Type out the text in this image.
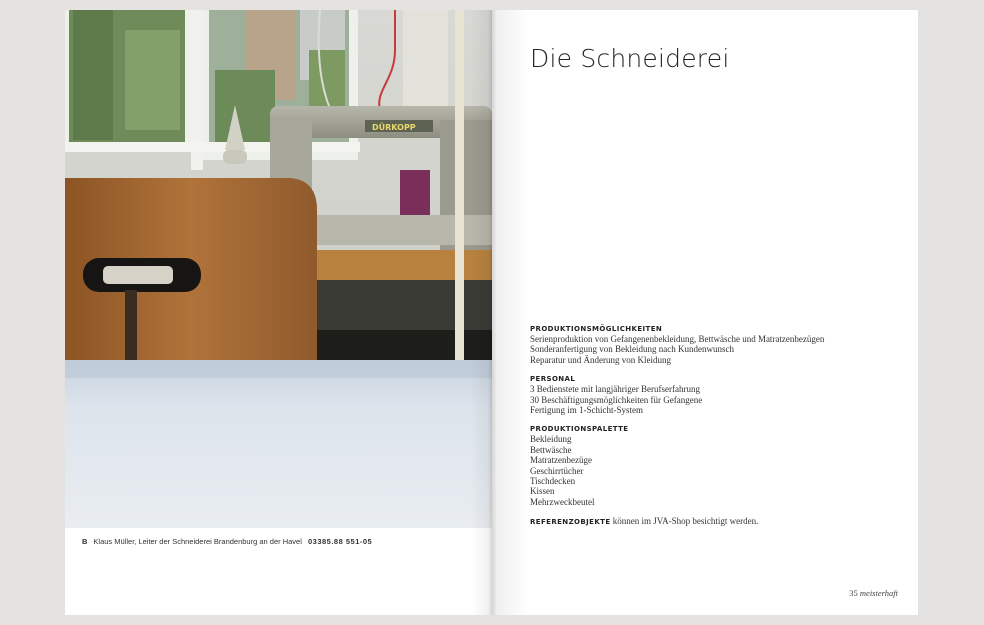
DÜRKOPP
B Klaus Müller, Leiter der Schneiderei Brandenburg an der Havel 03385.88 551-05
Die Schneiderei
PRODUKTIONSMÖGLICHKEITEN
Serienproduktion von Gefangenenbekleidung, Bettwäsche und Matratzenbezügen
Sonderanfertigung von Bekleidung nach Kundenwunsch
Reparatur und Änderung von Kleidung
PERSONAL
3 Bedienstete mit langjähriger Berufserfahrung
30 Beschäftigungsmöglichkeiten für Gefangene
Fertigung im 1-Schicht-System
PRODUKTIONSPALETTE
Bekleidung
Bettwäsche
Matratzenbezüge
Geschirrtücher
Tischdecken
Kissen
Mehrzweckbeutel
REFERENZOBJEKTE können im JVA-Shop besichtigt werden.
35 meisterhaft
